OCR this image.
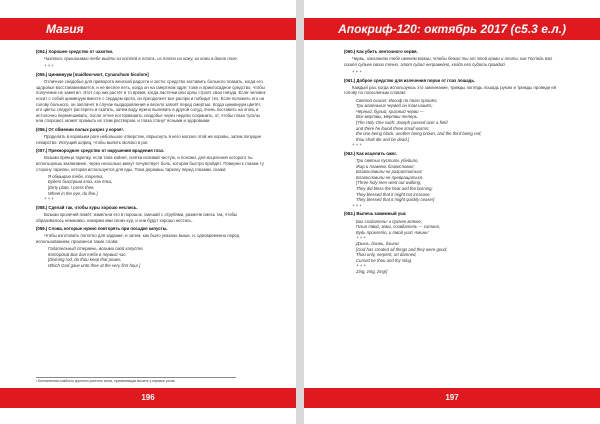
Магия

(054.) Хорошее средство от чахотки.

Чахотка, приказываю тебе выйти из костей в плоть, из плоти на кожу, из кожи в дикое поле.

+ + +

(055.) Цинквнуум [maidlow-wort, Cynanchum bicolore]

Отличное снадобье для приворота женской радости и зости: средство заставить больного плакать, когда его здоровье восстанавливается, и не веселе петь, когда он на смертном одре; тоже и приклосадное средство, чтобы получение не заметил. Этот сор ник растёт в то время, когда ластечки или орлы строят свои гнёзда. Если человек носит с собой цинквнуум вместе с сердцем крота, он преодолеет все распри и победит тех. Если положить его на голову больного, он заплачет в случае выздоровления и весело запоёт перед смертью. Когда цинквнуум цветёт, его цветы следует растереть и скатать, затем воду нужно вылевать в другой сосуд, очень поставить на огонь и истолочно перемешивать; после отчее нотгорвашить снадобье через недели сохранить, от, чтобы глаза тусклы или спорсают, может промыть их этим раствором, и глаза станут ясными и здоровыми.

(056.) От обмении полых разрез у короя¹.

Проделать в коровьем роге небольшое отверстие, впрыснуть в него молоко этой же коровы, затем попущие лекарство. Испущий шприц, чтобы выпить молоко в рог.

(057.) Прекнородное средство от нарушения врадения глаз.

Возьми прянцо тарелку, если тана койнет, снятка испивай чистую, и положи, для исцеления которого ты используешь заклинание, через несколько минут почувствует боль, которая быстро пройдёт. Поверни к глазам ту сторону тарелки, которая используется для еды. Пока держишь тарелку перед глазами, скажи:

Я обмываю тебя, тарелка,

Будет быстрым глаз, как ёлка,

[Dirty plate, I press thee,

Wheel in the eye, do flee.]

+ + +

(058.) Сделай так, чтобы куры хорошо неслись.

Возьми кроличий помёт, измельчи его в порошок, смешай с отрубями, размочи смесь так, чтобы образовалось немножко, накорми ими своих кур, и они будут хорошо нестись.

(059.) Слова, которые нужно повторять при посадке капусты.

Чтобы изготовить полотно для задание, и затем, как было указано выше, и, одновременно перед использованием, произнеси такие слова:

Гадательный стервень, возыми свой капусте,

Котордый Бог дал тебе в первый час.

[Divining rod, do thou keep that power,

Which God gave unto thee at the very first hour.]

¹ Болезненная слабость крупного рогатого скота, причиняющая мычать у коровье рогов.
196
Апокриф-120: октябрь 2017 (с5.3 е.л.)

(060.) Как убить ленточного червя.

Червь, закланною тебе именем Божии, чтобы бежал ты от этой крови и плоти, как Господь Бог сошёл судьев своих точно, этот судил неправедно, когда его судить правдой.

+ + +

(061.) Доброе средство для излечения порчи от глаз лошадь.

Каждый раз, когда используешь это заклинание, трижды поглядь лошадь рукою и трижды проведи ей голову по лосколиным словам:

Святой сказал: Иосиф по полю прошёл,

Три маленьких червей он там нашёл;

Чёрный, бурый, красный черви —

Все мертвы, мертвы теперь.

[The Holy One saith: Joseph passed over a field

and there he found three small worms;

the one being black, another being brown, and the third being red;

thou shalt die and be dead.]

+ + +

(062.) Как исцелить ожог.

Три святых пустить убедило,

Жар и пламень благословил;

Благословили не разрастаться;

Благословили не превращаться.

[Three holy men went out walking,

They did bless the heat and the burning;

They blessed that it might not increase;

They blessed that it might quickly cease!]

+ + +

(063.) Выпечь зажимный ушс

Бог создатель! и прочее всякое,

Плыл твой, земи, созвдатель — сатано,

Будь проклято, и твой ушс! Аминь!

+ + +

Дзынь, дзынь, дзынь!

[God has created all things and they were good;

Thou only, serpent, art damned,

Cursed be thou and thy sting.

+ + +

Zing, zing, zing!]

197
